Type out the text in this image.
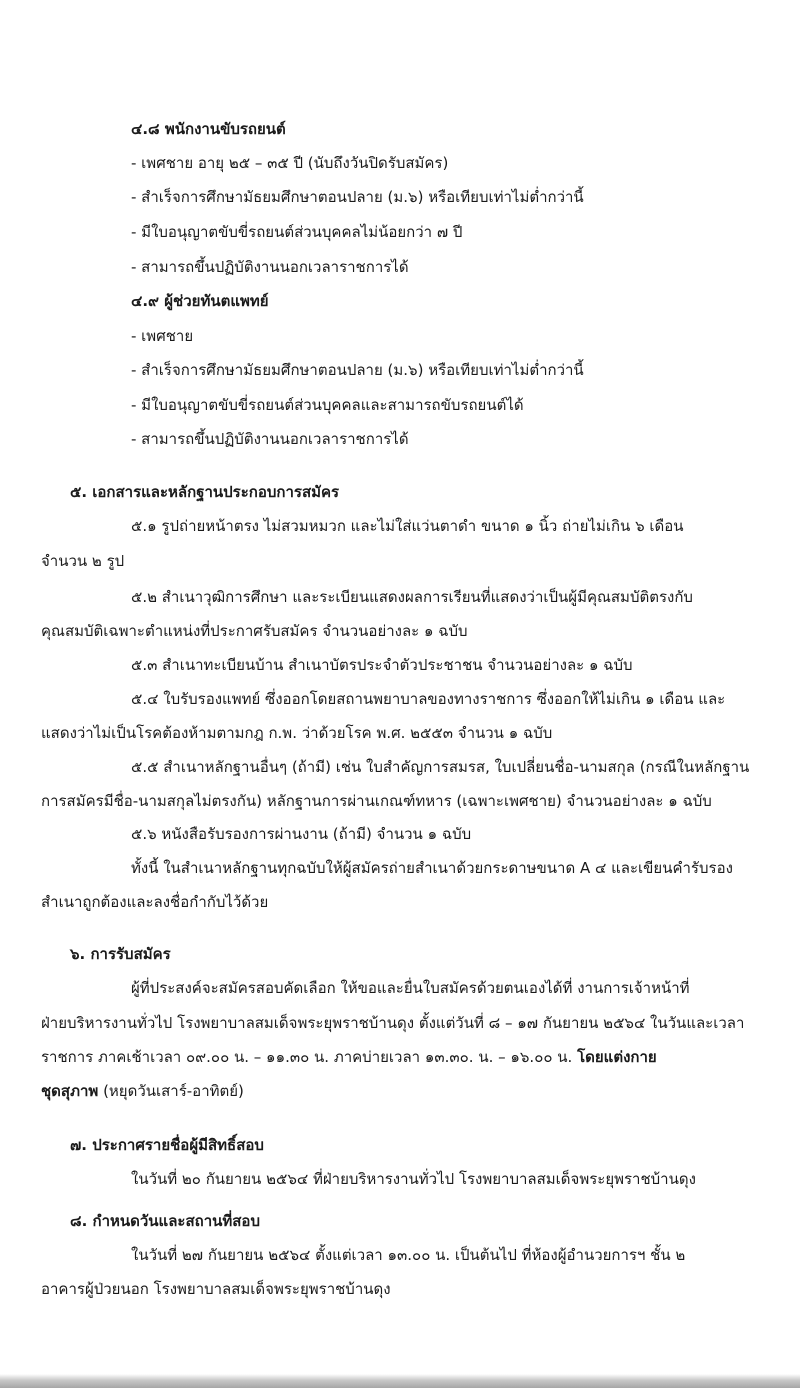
๔.๘ พนักงานขับรถยนต์
- เพศชาย อายุ ๒๕ – ๓๕ ปี (นับถึงวันปิดรับสมัคร)
- สำเร็จการศึกษามัธยมศึกษาตอนปลาย (ม.๖) หรือเทียบเท่าไม่ต่ำกว่านี้
- มีใบอนุญาตขับขี่รถยนต์ส่วนบุคคลไม่น้อยกว่า ๗ ปี
- สามารถขึ้นปฏิบัติงานนอกเวลาราชการได้
๔.๙ ผู้ช่วยทันตแพทย์
- เพศชาย
- สำเร็จการศึกษามัธยมศึกษาตอนปลาย (ม.๖) หรือเทียบเท่าไม่ต่ำกว่านี้
- มีใบอนุญาตขับขี่รถยนต์ส่วนบุคคลและสามารถขับรถยนต์ได้
- สามารถขึ้นปฏิบัติงานนอกเวลาราชการได้
๕. เอกสารและหลักฐานประกอบการสมัคร
๕.๑ รูปถ่ายหน้าตรง ไม่สวมหมวก และไม่ใส่แว่นตาดำ ขนาด ๑ นิ้ว ถ่ายไม่เกิน ๖ เดือน
จำนวน ๒ รูป
๕.๒ สำเนาวุฒิการศึกษา และระเบียนแสดงผลการเรียนที่แสดงว่าเป็นผู้มีคุณสมบัติตรงกับ
คุณสมบัติเฉพาะตำแหน่งที่ประกาศรับสมัคร จำนวนอย่างละ ๑ ฉบับ
๕.๓ สำเนาทะเบียนบ้าน สำเนาบัตรประจำตัวประชาชน จำนวนอย่างละ ๑ ฉบับ
๕.๔ ใบรับรองแพทย์ ซึ่งออกโดยสถานพยาบาลของทางราชการ ซึ่งออกให้ไม่เกิน ๑ เดือน และ
แสดงว่าไม่เป็นโรคต้องห้ามตามกฎ ก.พ. ว่าด้วยโรค พ.ศ. ๒๕๕๓ จำนวน ๑ ฉบับ
๕.๕ สำเนาหลักฐานอื่นๆ (ถ้ามี) เช่น ใบสำคัญการสมรส, ใบเปลี่ยนชื่อ-นามสกุล (กรณีในหลักฐาน
การสมัครมีชื่อ-นามสกุลไม่ตรงกัน) หลักฐานการผ่านเกณฑ์ทหาร (เฉพาะเพศชาย) จำนวนอย่างละ ๑ ฉบับ
๕.๖ หนังสือรับรองการผ่านงาน (ถ้ามี) จำนวน ๑ ฉบับ
ทั้งนี้ ในสำเนาหลักฐานทุกฉบับให้ผู้สมัครถ่ายสำเนาด้วยกระดาษขนาด A ๔ และเขียนคำรับรอง
สำเนาถูกต้องและลงชื่อกำกับไว้ด้วย
๖. การรับสมัคร
ผู้ที่ประสงค์จะสมัครสอบคัดเลือก ให้ขอและยื่นใบสมัครด้วยตนเองได้ที่ งานการเจ้าหน้าที่
ฝ่ายบริหารงานทั่วไป โรงพยาบาลสมเด็จพระยุพราชบ้านดุง ตั้งแต่วันที่ ๘ – ๑๗ กันยายน ๒๕๖๔ ในวันและเวลา
ราชการ ภาคเช้าเวลา ๐๙.๐๐ น. – ๑๑.๓๐ น. ภาคบ่ายเวลา ๑๓.๓๐. น. – ๑๖.๐๐ น. โดยแต่งกาย
ชุดสุภาพ (หยุดวันเสาร์-อาทิตย์)
๗. ประกาศรายชื่อผู้มีสิทธิ์สอบ
ในวันที่ ๒๐ กันยายน ๒๕๖๔ ที่ฝ่ายบริหารงานทั่วไป โรงพยาบาลสมเด็จพระยุพราชบ้านดุง
๘. กำหนดวันและสถานที่สอบ
ในวันที่ ๒๗ กันยายน ๒๕๖๔ ตั้งแต่เวลา ๑๓.๐๐ น. เป็นต้นไป ที่ห้องผู้อำนวยการฯ ชั้น ๒
อาคารผู้ป่วยนอก โรงพยาบาลสมเด็จพระยุพราชบ้านดุง
